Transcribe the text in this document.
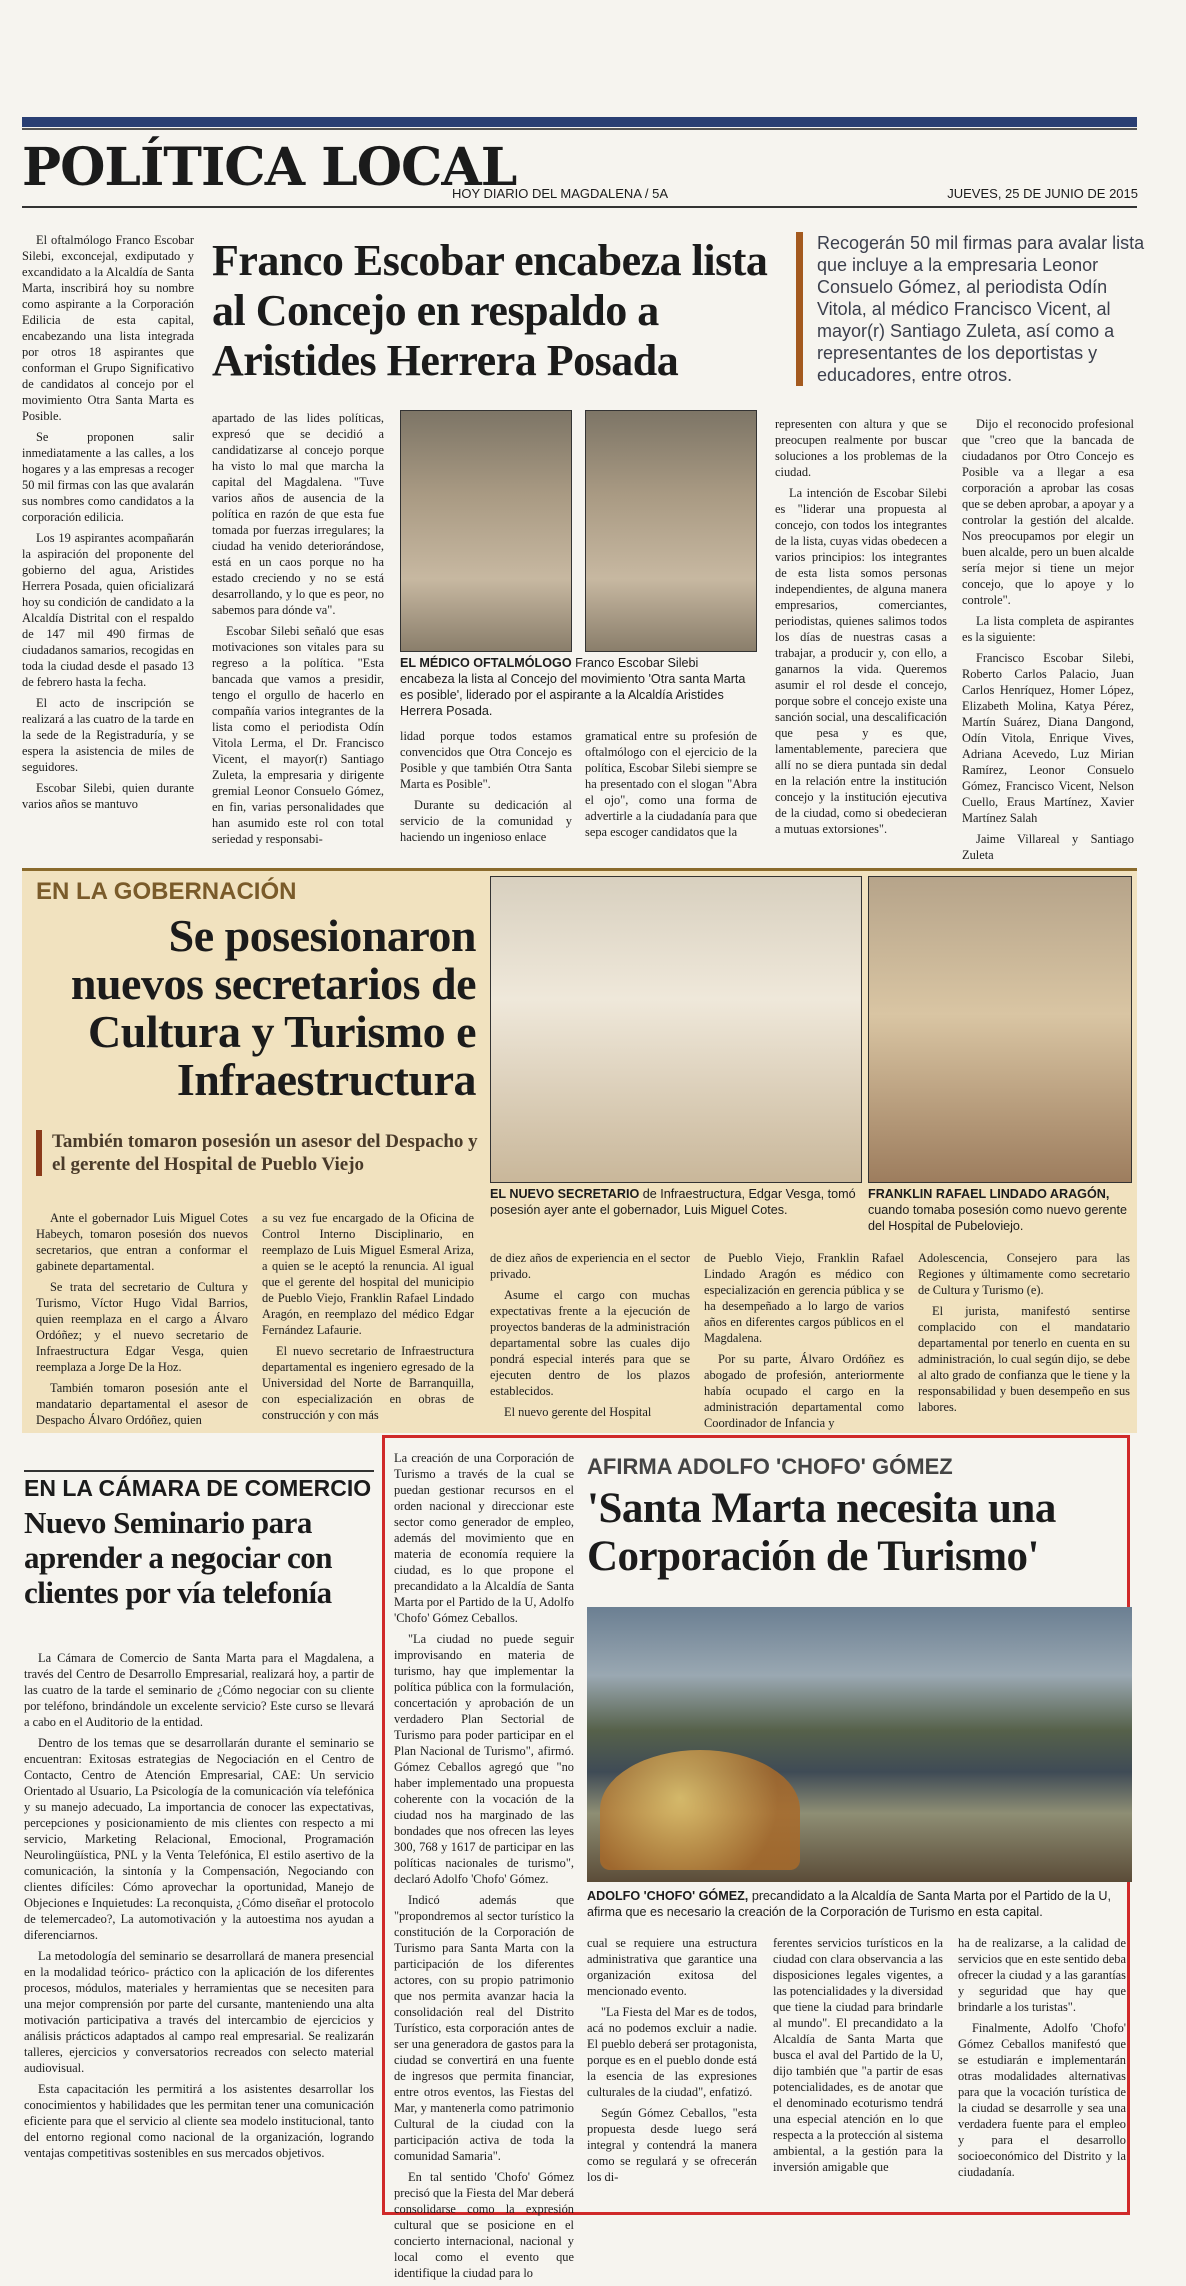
POLÍTICA LOCAL
HOY DIARIO DEL MAGDALENA / 5A	JUEVES, 25 DE JUNIO DE 2015

El oftalmólogo Franco Escobar Silebi, exconcejal, exdiputado y excandidato a la Alcaldía de Santa Marta, inscribirá hoy su nombre como aspirante a la Corporación Edilicia de esta capital, encabezando una lista integrada por otros 18 aspirantes que conforman el Grupo Significativo de candidatos al concejo por el movimiento Otra Santa Marta es Posible.

Se proponen salir inmediatamente a las calles, a los hogares y a las empresas a recoger 50 mil firmas con las que avalarán sus nombres como candidatos a la corporación edilicia.

Los 19 aspirantes acompañarán la aspiración del proponente del gobierno del agua, Aristides Herrera Posada, quien oficializará hoy su condición de candidato a la Alcaldía Distrital con el respaldo de 147 mil 490 firmas de ciudadanos samarios, recogidas en toda la ciudad desde el pasado 13 de febrero hasta la fecha.

El acto de inscripción se realizará a las cuatro de la tarde en la sede de la Registraduría, y se espera la asistencia de miles de seguidores.

Escobar Silebi, quien durante varios años se mantuvo

Franco Escobar encabeza lista al Concejo en respaldo a Aristides Herrera Posada
Recogerán 50 mil firmas para avalar lista que incluye a la empresaria Leonor Consuelo Gómez, al periodista Odín Vitola, al médico Francisco Vicent, al mayor(r) Santiago Zuleta, así como a representantes de los deportistas y educadores, entre otros.

apartado de las lides políticas, expresó que se decidió a candidatizarse al concejo porque ha visto lo mal que marcha la capital del Magdalena. "Tuve varios años de ausencia de la política en razón de que esta fue tomada por fuerzas irregulares; la ciudad ha venido deteriorándose, está en un caos porque no ha estado creciendo y no se está desarrollando, y lo que es peor, no sabemos para dónde va".

Escobar Silebi señaló que esas motivaciones son vitales para su regreso a la política. "Esta bancada que vamos a presidir, tengo el orgullo de hacerlo en compañía varios integrantes de la lista como el periodista Odín Vitola Lerma, el Dr. Francisco Vicent, el mayor(r) Santiago Zuleta, la empresaria y dirigente gremial Leonor Consuelo Gómez, en fin, varias personalidades que han asumido este rol con total seriedad y responsabi-

EL MÉDICO OFTALMÓLOGO Franco Escobar Silebi encabeza la lista al Concejo del movimiento 'Otra santa Marta es posible', liderado por el aspirante a la Alcaldía Aristides Herrera Posada.

lidad porque todos estamos convencidos que Otra Concejo es Posible y que también Otra Santa Marta es Posible".

Durante su dedicación al servicio de la comunidad y haciendo un ingenioso enlace

gramatical entre su profesión de oftalmólogo con el ejercicio de la política, Escobar Silebi siempre se ha presentado con el slogan "Abra el ojo", como una forma de advertirle a la ciudadanía para que sepa escoger candidatos que la

representen con altura y que se preocupen realmente por buscar soluciones a los problemas de la ciudad.

La intención de Escobar Silebi es "liderar una propuesta al concejo, con todos los integrantes de la lista, cuyas vidas obedecen a varios principios: los integrantes de esta lista somos personas independientes, de alguna manera empresarios, comerciantes, periodistas, quienes salimos todos los días de nuestras casas a trabajar, a producir y, con ello, a ganarnos la vida. Queremos asumir el rol desde el concejo, porque sobre el concejo existe una sanción social, una descalificación que pesa y es que, lamentablemente, pareciera que allí no se diera puntada sin dedal en la relación entre la institución concejo y la institución ejecutiva de la ciudad, como si obedecieran a mutuas extorsiones".

Dijo el reconocido profesional que "creo que la bancada de ciudadanos por Otro Concejo es Posible va a llegar a esa corporación a aprobar las cosas que se deben aprobar, a apoyar y a controlar la gestión del alcalde. Nos preocupamos por elegir un buen alcalde, pero un buen alcalde sería mejor si tiene un mejor concejo, que lo apoye y lo controle".

La lista completa de aspirantes es la siguiente:

Francisco Escobar Silebi, Roberto Carlos Palacio, Juan Carlos Henríquez, Homer López, Elizabeth Molina, Katya Pérez, Martín Suárez, Diana Dangond, Odín Vitola, Enrique Vives, Adriana Acevedo, Luz Mirian Ramírez, Leonor Consuelo Gómez, Francisco Vicent, Nelson Cuello, Eraus Martínez, Xavier Martínez Salah

Jaime Villareal y Santiago Zuleta

EN LA GOBERNACIÓN
Se posesionaron nuevos secretarios de Cultura y Turismo e Infraestructura
También tomaron posesión un asesor del Despacho y el gerente del Hospital de Pueblo Viejo
EL NUEVO SECRETARIO de Infraestructura, Edgar Vesga, tomó posesión ayer ante el gobernador, Luis Miguel Cotes.
FRANKLIN RAFAEL LINDADO ARAGÓN, cuando tomaba posesión como nuevo gerente del Hospital de Pubeloviejo.

Ante el gobernador Luis Miguel Cotes Habeych, tomaron posesión dos nuevos secretarios, que entran a conformar el gabinete departamental.

Se trata del secretario de Cultura y Turismo, Víctor Hugo Vidal Barrios, quien reemplaza en el cargo a Álvaro Ordóñez; y el nuevo secretario de Infraestructura Edgar Vesga, quien reemplaza a Jorge De la Hoz.

También tomaron posesión ante el mandatario departamental el asesor de Despacho Álvaro Ordóñez, quien

a su vez fue encargado de la Oficina de Control Interno Disciplinario, en reemplazo de Luis Miguel Esmeral Ariza, a quien se le aceptó la renuncia. Al igual que el gerente del hospital del municipio de Pueblo Viejo, Franklin Rafael Lindado Aragón, en reemplazo del médico Edgar Fernández Lafaurie.

El nuevo secretario de Infraestructura departamental es ingeniero egresado de la Universidad del Norte de Barranquilla, con especialización en obras de construcción y con más

de diez años de experiencia en el sector privado.

Asume el cargo con muchas expectativas frente a la ejecución de proyectos banderas de la administración departamental sobre las cuales dijo pondrá especial interés para que se ejecuten dentro de los plazos establecidos.

El nuevo gerente del Hospital

de Pueblo Viejo, Franklin Rafael Lindado Aragón es médico con especialización en gerencia pública y se ha desempeñado a lo largo de varios años en diferentes cargos públicos en el Magdalena.

Por su parte, Álvaro Ordóñez es abogado de profesión, anteriormente había ocupado el cargo en la administración departamental como Coordinador de Infancia y

Adolescencia, Consejero para las Regiones y últimamente como secretario de Cultura y Turismo (e).

El jurista, manifestó sentirse complacido con el mandatario departamental por tenerlo en cuenta en su administración, lo cual según dijo, se debe al alto grado de confianza que le tiene y la responsabilidad y buen desempeño en sus labores.

EN LA CÁMARA DE COMERCIO
Nuevo Seminario para aprender a negociar con clientes por vía telefonía

La Cámara de Comercio de Santa Marta para el Magdalena, a través del Centro de Desarrollo Empresarial, realizará hoy, a partir de las cuatro de la tarde el seminario de ¿Cómo negociar con su cliente por teléfono, brindándole un excelente servicio? Este curso se llevará a cabo en el Auditorio de la entidad.

Dentro de los temas que se desarrollarán durante el seminario se encuentran: Exitosas estrategias de Negociación en el Centro de Contacto, Centro de Atención Empresarial, CAE: Un servicio Orientado al Usuario, La Psicología de la comunicación vía telefónica y su manejo adecuado, La importancia de conocer las expectativas, percepciones y posicionamiento de mis clientes con respecto a mi servicio, Marketing Relacional, Emocional, Programación Neurolingüística, PNL y la Venta Telefónica, El estilo asertivo de la comunicación, la sintonía y la Compensación, Negociando con clientes difíciles: Cómo aprovechar la oportunidad, Manejo de Objeciones e Inquietudes: La reconquista, ¿Cómo diseñar el protocolo de telemercadeo?, La automotivación y la autoestima nos ayudan a diferenciarnos.

La metodología del seminario se desarrollará de manera presencial en la modalidad teórico- práctico con la aplicación de los diferentes procesos, módulos, materiales y herramientas que se necesiten para una mejor comprensión por parte del cursante, manteniendo una alta motivación participativa a través del intercambio de ejercicios y análisis prácticos adaptados al campo real empresarial. Se realizarán talleres, ejercicios y conversatorios recreados con selecto material audiovisual.

Esta capacitación les permitirá a los asistentes desarrollar los conocimientos y habilidades que les permitan tener una comunicación eficiente para que el servicio al cliente sea modelo institucional, tanto del entorno regional como nacional de la organización, logrando ventajas competitivas sostenibles en sus mercados objetivos.

La creación de una Corporación de Turismo a través de la cual se puedan gestionar recursos en el orden nacional y direccionar este sector como generador de empleo, además del movimiento que en materia de economía requiere la ciudad, es lo que propone el precandidato a la Alcaldía de Santa Marta por el Partido de la U, Adolfo 'Chofo' Gómez Ceballos.

"La ciudad no puede seguir improvisando en materia de turismo, hay que implementar la política pública con la formulación, concertación y aprobación de un verdadero Plan Sectorial de Turismo para poder participar en el Plan Nacional de Turismo", afirmó. Gómez Ceballos agregó que "no haber implementado una propuesta coherente con la vocación de la ciudad nos ha marginado de las bondades que nos ofrecen las leyes 300, 768 y 1617 de participar en las políticas nacionales de turismo", declaró Adolfo 'Chofo' Gómez.

Indicó además que "propondremos al sector turístico la constitución de la Corporación de Turismo para Santa Marta con la participación de los diferentes actores, con su propio patrimonio que nos permita avanzar hacia la consolidación real del Distrito Turístico, esta corporación antes de ser una generadora de gastos para la ciudad se convertirá en una fuente de ingresos que permita financiar, entre otros eventos, las Fiestas del Mar, y mantenerla como patrimonio Cultural de la ciudad con la participación activa de toda la comunidad Samaria".

En tal sentido 'Chofo' Gómez precisó que la Fiesta del Mar deberá consolidarse como la expresión cultural que se posicione en el concierto internacional, nacional y local como el evento que identifique la ciudad para lo

AFIRMA ADOLFO 'CHOFO' GÓMEZ
'Santa Marta necesita una Corporación de Turismo'
ADOLFO 'CHOFO' GÓMEZ, precandidato a la Alcaldía de Santa Marta por el Partido de la U, afirma que es necesario la creación de la Corporación de Turismo en esta capital.

cual se requiere una estructura administrativa que garantice una organización exitosa del mencionado evento.

"La Fiesta del Mar es de todos, acá no podemos excluir a nadie. El pueblo deberá ser protagonista, porque es en el pueblo donde está la esencia de las expresiones culturales de la ciudad", enfatizó.

Según Gómez Ceballos, "esta propuesta desde luego será integral y contendrá la manera como se regulará y se ofrecerán los di-

ferentes servicios turísticos en la ciudad con clara observancia a las disposiciones legales vigentes, a las potencialidades y la diversidad que tiene la ciudad para brindarle al mundo". El precandidato a la Alcaldía de Santa Marta que busca el aval del Partido de la U, dijo también que "a partir de esas potencialidades, es de anotar que el denominado ecoturismo tendrá una especial atención en lo que respecta a la protección al sistema ambiental, a la gestión para la inversión amigable que

ha de realizarse, a la calidad de servicios que en este sentido deba ofrecer la ciudad y a las garantías y seguridad que hay que brindarle a los turistas".

Finalmente, Adolfo 'Chofo' Gómez Ceballos manifestó que se estudiarán e implementarán otras modalidades alternativas para que la vocación turística de la ciudad se desarrolle y sea una verdadera fuente para el empleo y para el desarrollo socioeconómico del Distrito y la ciudadanía.
